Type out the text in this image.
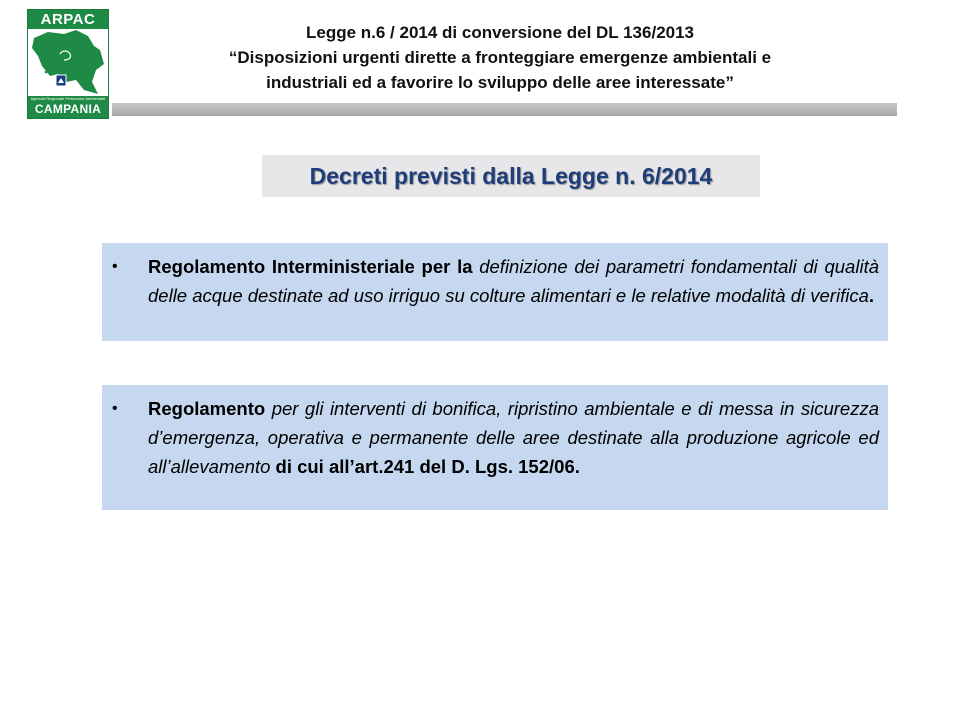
ARPAC
Agenzia Regionale Protezione Ambientale
CAMPANIA
Legge n.6 / 2014 di conversione del DL 136/2013
“Disposizioni urgenti dirette a fronteggiare emergenze ambientali e
industriali ed a favorire lo sviluppo delle aree interessate”
Decreti previsti dalla Legge n. 6/2014
• Regolamento Interministeriale per la definizione dei parametri fondamentali di qualità delle acque destinate ad uso irriguo su colture alimentari e le relative modalità di verifica.
• Regolamento per gli interventi di bonifica, ripristino ambientale e di messa in sicurezza d’emergenza, operativa e permanente delle aree destinate alla produzione agricole ed all’allevamento di cui all’art.241 del D. Lgs. 152/06.
